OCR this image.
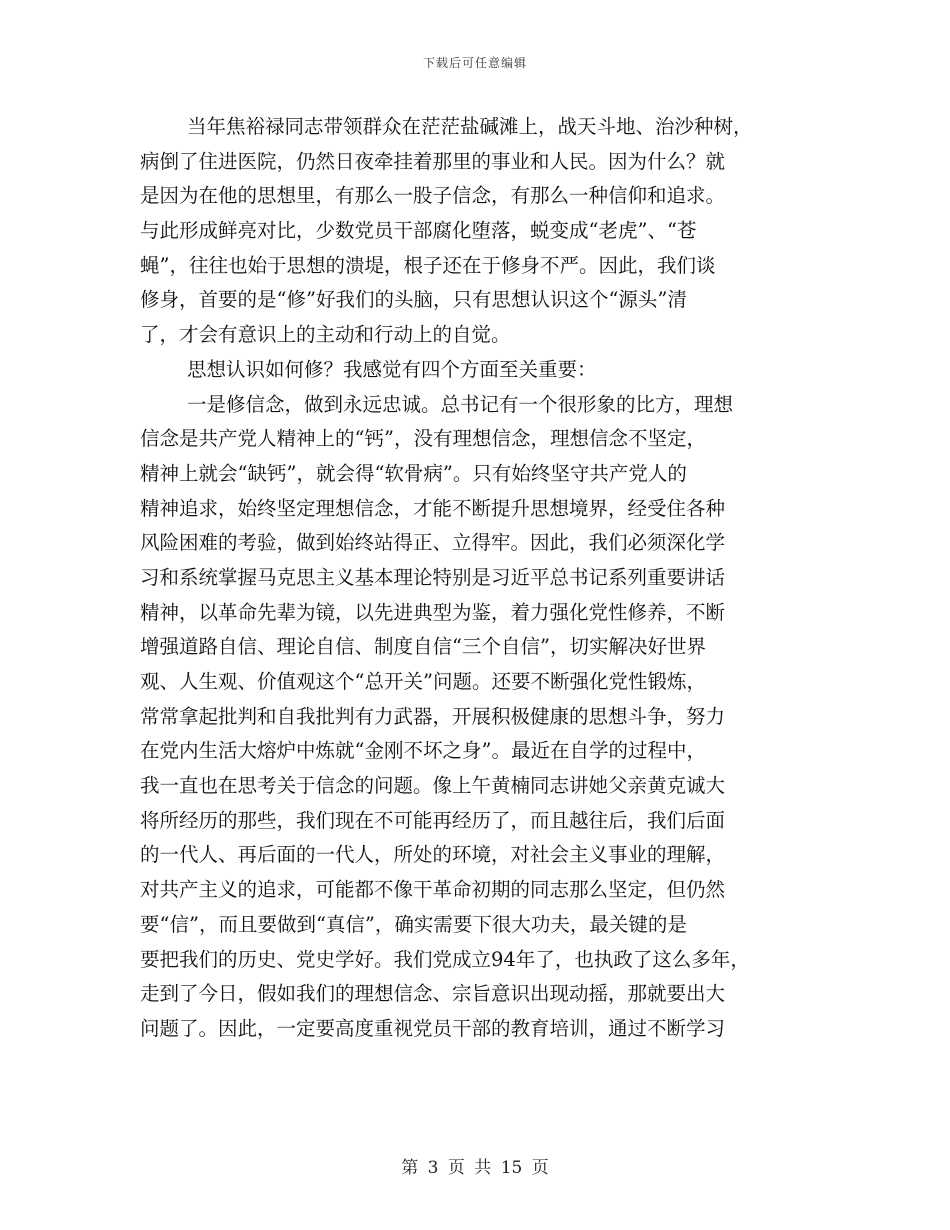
下载后可任意编辑
当年焦裕禄同志带领群众在茫茫盐碱滩上，战天斗地、治沙种树，
病倒了住进医院，仍然日夜牵挂着那里的事业和人民。因为什么？就
是因为在他的思想里，有那么一股子信念，有那么一种信仰和追求。
与此形成鲜亮对比，少数党员干部腐化堕落，蜕变成“老虎”、“苍
蝇”，往往也始于思想的溃堤，根子还在于修身不严。因此，我们谈
修身，首要的是“修”好我们的头脑，只有思想认识这个“源头”清
了，才会有意识上的主动和行动上的自觉。
思想认识如何修？我感觉有四个方面至关重要：
一是修信念，做到永远忠诚。总书记有一个很形象的比方，理想
信念是共产党人精神上的“钙”，没有理想信念，理想信念不坚定，
精神上就会“缺钙”，就会得“软骨病”。只有始终坚守共产党人的
精神追求，始终坚定理想信念，才能不断提升思想境界，经受住各种
风险困难的考验，做到始终站得正、立得牢。因此，我们必须深化学
习和系统掌握马克思主义基本理论特别是习近平总书记系列重要讲话
精神，以革命先辈为镜，以先进典型为鉴，着力强化党性修养，不断
增强道路自信、理论自信、制度自信“三个自信”，切实解决好世界
观、人生观、价值观这个“总开关”问题。还要不断强化党性锻炼，
常常拿起批判和自我批判有力武器，开展积极健康的思想斗争，努力
在党内生活大熔炉中炼就“金刚不坏之身”。最近在自学的过程中，
我一直也在思考关于信念的问题。像上午黄楠同志讲她父亲黄克诚大
将所经历的那些，我们现在不可能再经历了，而且越往后，我们后面
的一代人、再后面的一代人，所处的环境，对社会主义事业的理解，
对共产主义的追求，可能都不像干革命初期的同志那么坚定，但仍然
要“信”，而且要做到“真信”，确实需要下很大功夫，最关键的是
要把我们的历史、党史学好。我们党成立94年了，也执政了这么多年，
走到了今日，假如我们的理想信念、宗旨意识出现动摇，那就要出大
问题了。因此，一定要高度重视党员干部的教育培训，通过不断学习
第 3 页 共 15 页
